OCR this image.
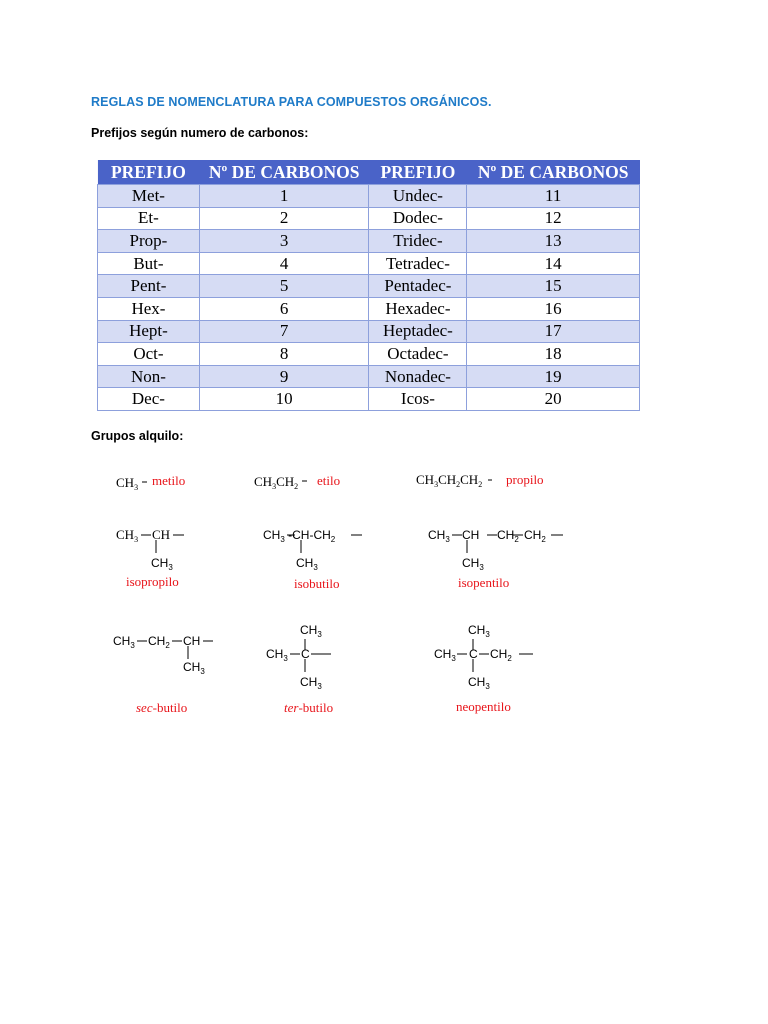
REGLAS DE NOMENCLATURA PARA COMPUESTOS ORGÁNICOS.
Prefijos según numero de carbonos:
PREFIJO	Nº DE CARBONOS	PREFIJO	Nº DE CARBONOS
Met-	1	Undec-	11
Et-	2	Dodec-	12
Prop-	3	Tridec-	13
But-	4	Tetradec-	14
Pent-	5	Pentadec-	15
Hex-	6	Hexadec-	16
Hept-	7	Heptadec-	17
Oct-	8	Octadec-	18
Non-	9	Nonadec-	19
Dec-	10	Icos-	20
Grupos alquilo:
$CH_3$	$CH_3CH_2$	$CH_3CH_2CH_2$
$CH_3$ CH
$CH_3$
$CH_3$ $-CH-CH_2$
$CH_3$
$CH_3$ CH $CH_2$ $CH_2$
$CH_3$
$CH_3$ $CH_2$ CH
$CH_3$
$CH_3$
$CH_3$ C
$CH_3$
$CH_3$
$CH_3$ C $CH_2$
$CH_3$
metilo	etilo	propilo
isopropilo	isobutilo	isopentilo
sec-butilo	ter-butilo	neopentilo
